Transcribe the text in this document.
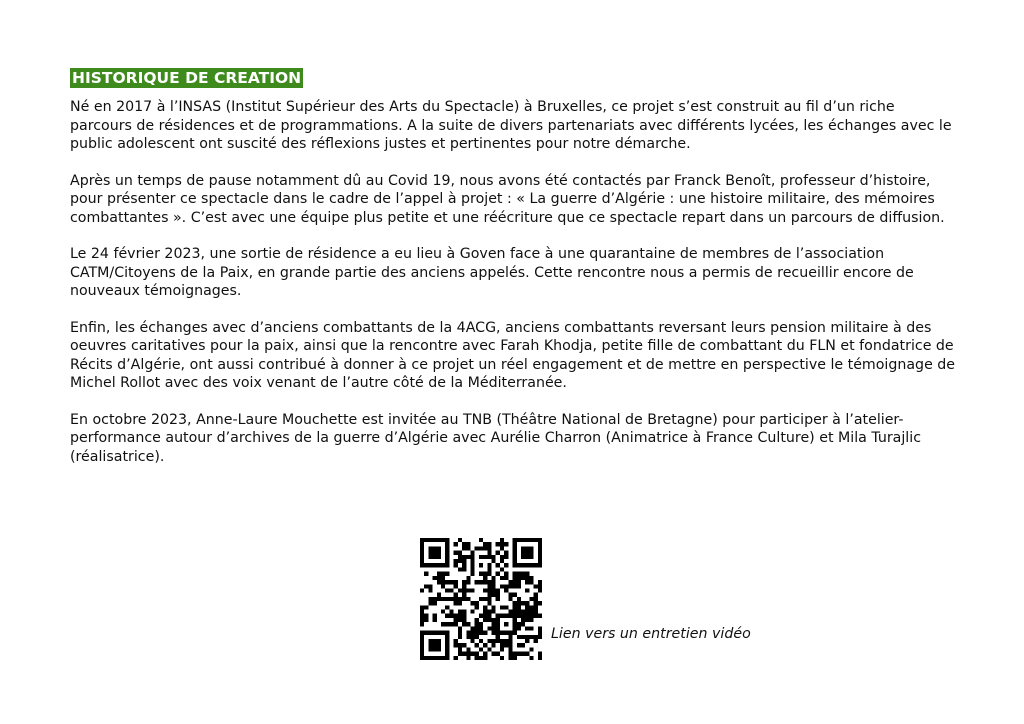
HISTORIQUE DE CREATION

Né en 2017 à l’INSAS (Institut Supérieur des Arts du Spectacle) à Bruxelles, ce projet s’est construit au fil d’un riche parcours de résidences et de programmations. A la suite de divers partenariats avec différents lycées, les échanges avec le public adolescent ont suscité des réflexions justes et pertinentes pour notre démarche.

Après un temps de pause notamment dû au Covid 19, nous avons été contactés par Franck Benoît, professeur d’histoire, pour présenter ce spectacle dans le cadre de l’appel à projet : « La guerre d’Algérie : une histoire militaire, des mémoires combattantes ». C’est avec une équipe plus petite et une réécriture que ce spectacle repart dans un parcours de diffusion.

Le 24 février 2023, une sortie de résidence a eu lieu à Goven face à une quarantaine de membres de l’association CATM/Citoyens de la Paix, en grande partie des anciens appelés. Cette rencontre nous a permis de recueillir encore de nouveaux témoignages.

Enfin, les échanges avec d’anciens combattants de la 4ACG, anciens combattants reversant leurs pension militaire à des oeuvres caritatives pour la paix, ainsi que la rencontre avec Farah Khodja, petite fille de combattant du FLN et fondatrice de Récits d’Algérie, ont aussi contribué à donner à ce projet un réel engagement et de mettre en perspective le témoignage de Michel Rollot avec des voix venant de l’autre côté de la Méditerranée.

En octobre 2023, Anne-Laure Mouchette est invitée au TNB (Théâtre National de Bretagne) pour participer à l’atelier-performance autour d’archives de la guerre d’Algérie avec Aurélie Charron (Animatrice à France Culture) et Mila Turajlic (réalisatrice).

Lien vers un entretien vidéo
